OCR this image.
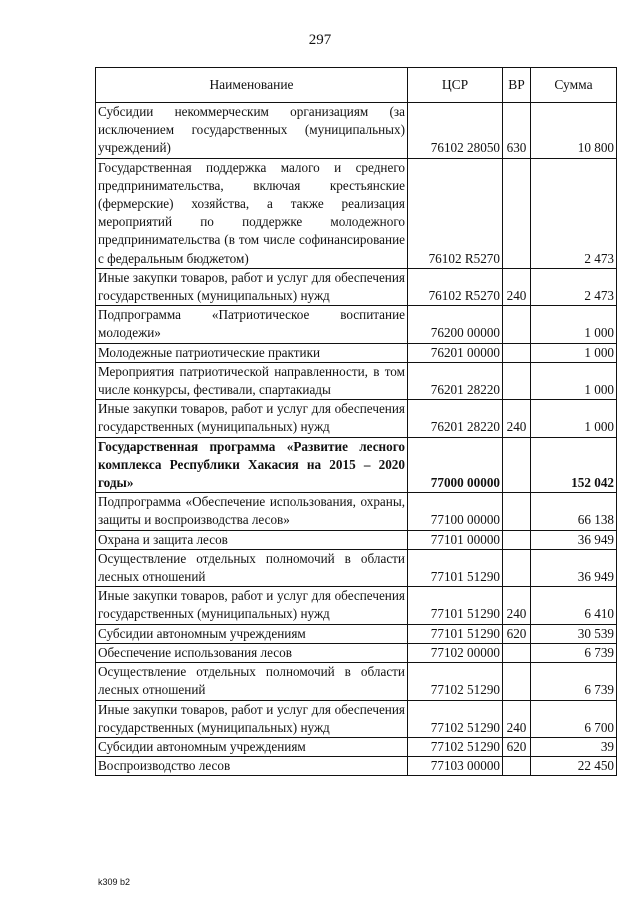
297
Наименование	ЦСР	ВР	Сумма
Субсидии некоммерческим организациям (за исключением государственных (муниципальных) учреждений)	76102 28050	630	10 800
Государственная поддержка малого и среднего предпринимательства, включая крестьянские (фермерские) хозяйства, а также реализация мероприятий по поддержке молодежного предпринимательства (в том числе софинансирование с федеральным бюджетом)	76102 R5270		2 473
Иные закупки товаров, работ и услуг для обеспечения государственных (муниципальных) нужд	76102 R5270	240	2 473
Подпрограмма «Патриотическое воспитание молодежи»	76200 00000		1 000
Молодежные патриотические практики	76201 00000		1 000
Мероприятия патриотической направленности, в том числе конкурсы, фестивали, спартакиады	76201 28220		1 000
Иные закупки товаров, работ и услуг для обеспечения государственных (муниципальных) нужд	76201 28220	240	1 000
Государственная программа «Развитие лесного комплекса Республики Хакасия на 2015 – 2020 годы»	77000 00000		152 042
Подпрограмма «Обеспечение использования, охраны, защиты и воспроизводства лесов»	77100 00000		66 138
Охрана и защита лесов	77101 00000		36 949
Осуществление отдельных полномочий в области лесных отношений	77101 51290		36 949
Иные закупки товаров, работ и услуг для обеспечения государственных (муниципальных) нужд	77101 51290	240	6 410
Субсидии автономным учреждениям	77101 51290	620	30 539
Обеспечение использования лесов	77102 00000		6 739
Осуществление отдельных полномочий в области лесных отношений	77102 51290		6 739
Иные закупки товаров, работ и услуг для обеспечения государственных (муниципальных) нужд	77102 51290	240	6 700
Субсидии автономным учреждениям	77102 51290	620	39
Воспроизводство лесов	77103 00000		22 450
k309 b2
